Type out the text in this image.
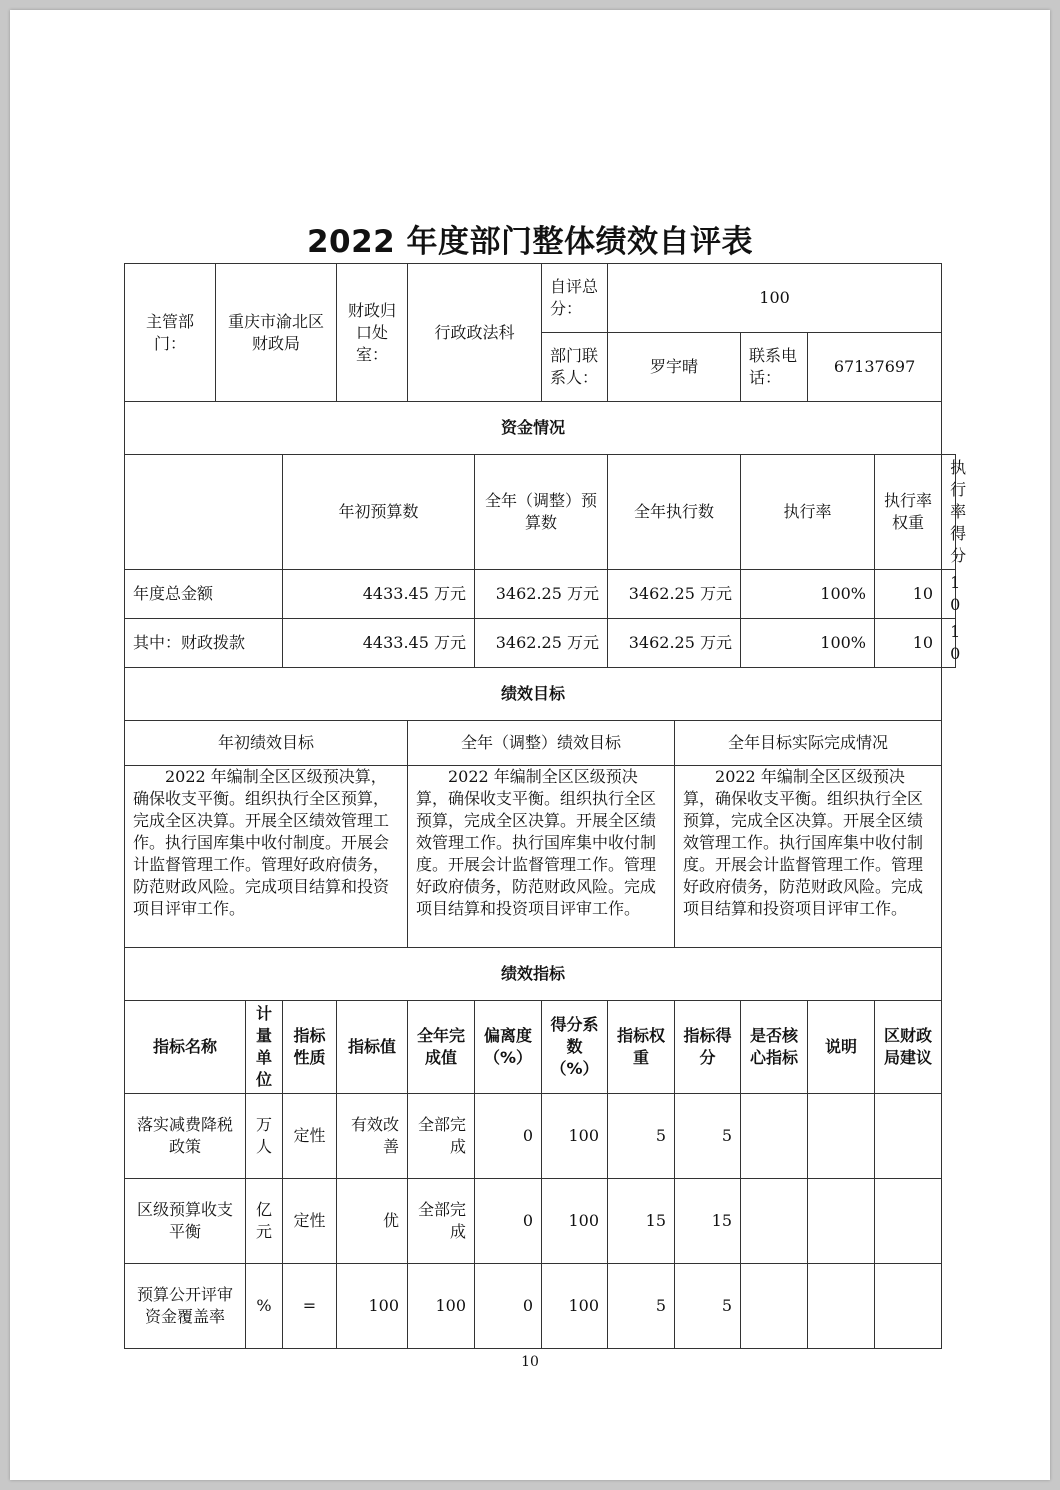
2022 年度部门整体绩效自评表
主管部门：	重庆市渝北区财政局			财政归口处室：	行政政法科		自评总分：	100					
							部门联系人：	罗宇晴		联系电话：	67137697		
资金情况													
			年初预算数			全年（调整）预算数		全年执行数		执行率		执行率权重	执行率得分
年度总金额			4433.45 万元			3462.25 万元		3462.25 万元		100%		10	10
其中：财政拨款			4433.45 万元			3462.25 万元		3462.25 万元		100%		10	10
绩效目标													
年初绩效目标					全年（调整）绩效目标				全年目标实际完成情况				
2022 年编制全区区级预决算，确保收支平衡。组织执行全区预算，完成全区决算。开展全区绩效管理工作。执行国库集中收付制度。开展会计监督管理工作。管理好政府债务，防范财政风险。完成项目结算和投资项目评审工作。					2022 年编制全区区级预决算，确保收支平衡。组织执行全区预算，完成全区决算。开展全区绩效管理工作。执行国库集中收付制度。开展会计监督管理工作。管理好政府债务，防范财政风险。完成项目结算和投资项目评审工作。				2022 年编制全区区级预决算，确保收支平衡。组织执行全区预算，完成全区决算。开展全区绩效管理工作。执行国库集中收付制度。开展会计监督管理工作。管理好政府债务，防范财政风险。完成项目结算和投资项目评审工作。				
绩效指标													
指标名称		计量单位	指标性质	指标值	全年完成值	偏离度（%）	得分系数（%）	指标权重	指标得分	是否核心指标	说明	区财政局建议	
落实减费降税政策		万人	定性	有效改善	全部完成	0	100	5	5				
区级预算收支平衡		亿元	定性	优	全部完成	0	100	15	15				
预算公开评审资金覆盖率		%	=	100	100	0	100	5	5				
10
